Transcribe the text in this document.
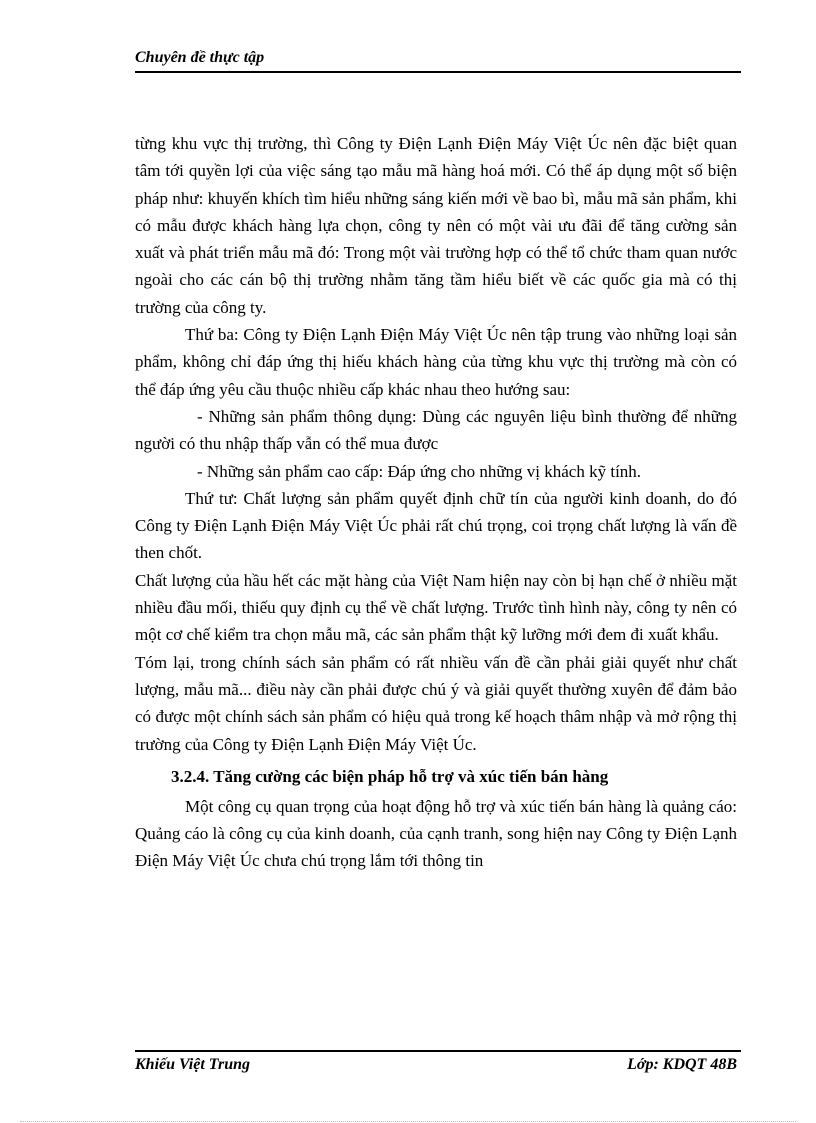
Chuyên đề thực tập

từng khu vực thị trường, thì Công ty Điện Lạnh Điện Máy Việt Úc nên đặc biệt quan tâm tới quyền lợi của việc sáng tạo mẫu mã hàng hoá mới. Có thể áp dụng một số biện pháp như: khuyến khích tìm hiểu những sáng kiến mới về bao bì, mẫu mã sản phẩm, khi có mẫu được khách hàng lựa chọn, công ty nên có một vài ưu đãi để tăng cường sản xuất và phát triển mẫu mã đó: Trong một vài trường hợp có thể tổ chức tham quan nước ngoài cho các cán bộ thị trường nhằm tăng tầm hiểu biết về các quốc gia mà có thị trường của công ty.

Thứ ba: Công ty Điện Lạnh Điện Máy Việt Úc nên tập trung vào những loại sản phẩm, không chỉ đáp ứng thị hiếu khách hàng của từng khu vực thị trường mà còn có thể đáp ứng yêu cầu thuộc nhiều cấp khác nhau theo hướng sau:

- Những sản phẩm thông dụng: Dùng các nguyên liệu bình thường để những người có thu nhập thấp vẫn có thể mua được

- Những sản phẩm cao cấp: Đáp ứng cho những vị khách kỹ tính.

Thứ tư: Chất lượng sản phẩm quyết định chữ tín của người kinh doanh, do đó Công ty Điện Lạnh Điện Máy Việt Úc phải rất chú trọng, coi trọng chất lượng là vấn đề then chốt.

Chất lượng của hầu hết các mặt hàng của Việt Nam hiện nay còn bị hạn chế ở nhiều mặt nhiều đầu mối, thiếu quy định cụ thể về chất lượng. Trước tình hình này, công ty nên có một cơ chế kiểm tra chọn mẫu mã, các sản phẩm thật kỹ lưỡng mới đem đi xuất khẩu.

Tóm lại, trong chính sách sản phẩm có rất nhiều vấn đề cần phải giải quyết như chất lượng, mẫu mã... điều này cần phải được chú ý và giải quyết thường xuyên để đảm bảo có được một chính sách sản phẩm có hiệu quả trong kế hoạch thâm nhập và mở rộng thị trường của Công ty Điện Lạnh Điện Máy Việt Úc.

3.2.4. Tăng cường các biện pháp hỗ trợ và xúc tiến bán hàng

Một công cụ quan trọng của hoạt động hỗ trợ và xúc tiến bán hàng là quảng cáo: Quảng cáo là công cụ của kinh doanh, của cạnh tranh, song hiện nay Công ty Điện Lạnh Điện Máy Việt Úc chưa chú trọng lắm tới thông tin

Khiếu Việt Trung	Lớp: KDQT 48B
